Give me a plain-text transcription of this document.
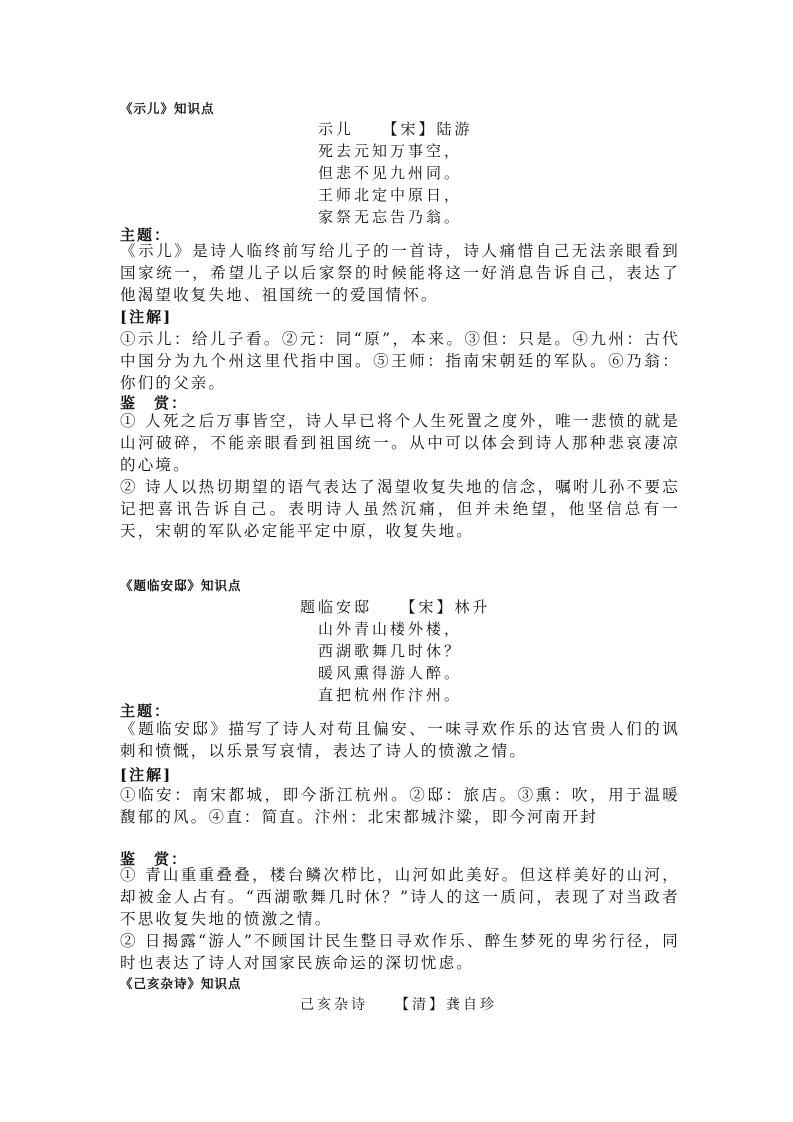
《示儿》知识点
示儿　　【宋】陆游
死去元知万事空，
但悲不见九州同。
王师北定中原日，
家祭无忘告乃翁。
主题：

《示儿》是诗人临终前写给儿子的一首诗，诗人痛惜自己无法亲眼看到国家统一，希望儿子以后家祭的时候能将这一好消息告诉自己，表达了他渴望收复失地、祖国统一的爱国情怀。

[注解]

①示儿：给儿子看。②元：同“原”，本来。③但：只是。④九州：古代中国分为九个州这里代指中国。⑤王师：指南宋朝廷的军队。⑥乃翁：你们的父亲。

鉴　赏：

① 人死之后万事皆空，诗人早已将个人生死置之度外，唯一悲愤的就是山河破碎，不能亲眼看到祖国统一。从中可以体会到诗人那种悲哀凄凉的心境。

② 诗人以热切期望的语气表达了渴望收复失地的信念，嘱咐儿孙不要忘记把喜讯告诉自己。表明诗人虽然沉痛，但并未绝望，他坚信总有一天，宋朝的军队必定能平定中原，收复失地。

《题临安邸》知识点
题临安邸　　【宋】林升
山外青山楼外楼，
西湖歌舞几时休？
暖风熏得游人醉。
直把杭州作汴州。
主题：

《题临安邸》描写了诗人对苟且偏安、一味寻欢作乐的达官贵人们的讽刺和愤慨，以乐景写哀情，表达了诗人的愤激之情。

[注解]

①临安：南宋都城，即今浙江杭州。②邸：旅店。③熏：吹，用于温暖馥郁的风。④直：简直。汴州：北宋都城汴粱，即今河南开封

鉴　赏：

① 青山重重叠叠，楼台鳞次栉比，山河如此美好。但这样美好的山河，却被金人占有。“西湖歌舞几时休？”诗人的这一质问，表现了对当政者不思收复失地的愤激之情。

② 日揭露“游人”不顾国计民生整日寻欢作乐、醉生梦死的卑劣行径，同时也表达了诗人对国家民族命运的深切忧虑。

《己亥杂诗》知识点
己亥杂诗　　【清】龚自珍
